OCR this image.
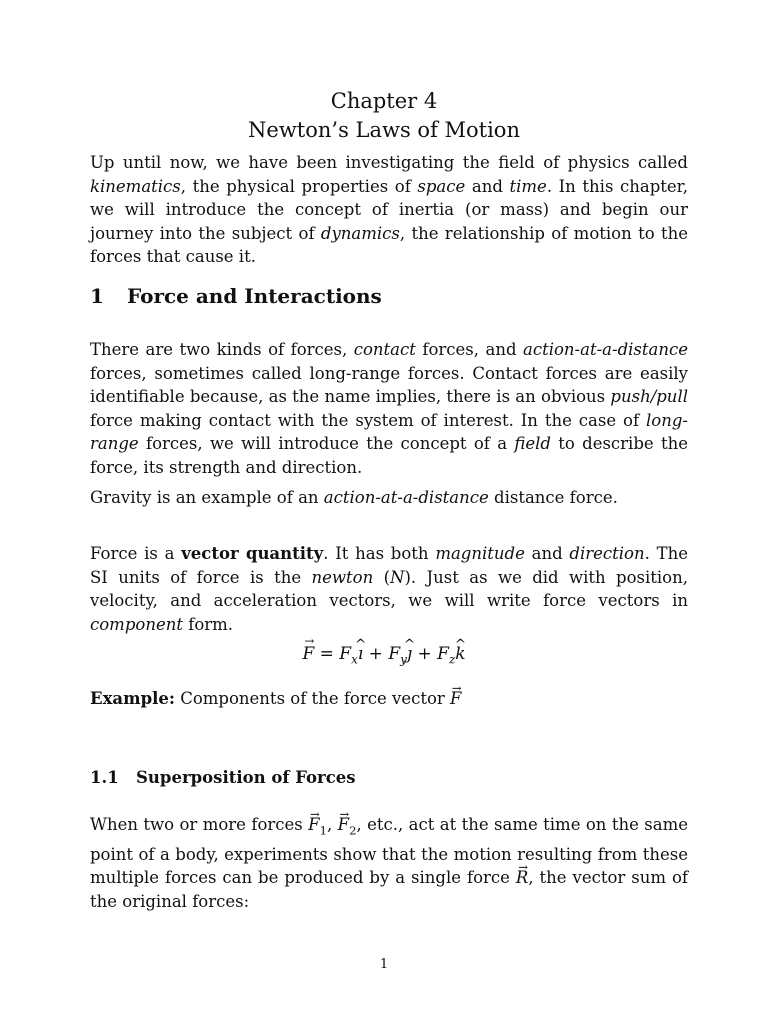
Chapter 4
Newton’s Laws of Motion
Up until now, we have been investigating the field of physics called kinematics, the physical properties of space and time. In this chapter, we will introduce the concept of inertia (or mass) and begin our journey into the subject of dynamics, the relationship of motion to the forces that cause it.
1 Force and Interactions
There are two kinds of forces, contact forces, and action-at-a-distance forces, sometimes called long-range forces. Contact forces are easily identifiable because, as the name implies, there is an obvious push/pull force making contact with the system of interest. In the case of long-range forces, we will introduce the concept of a field to describe the force, its strength and direction.
Gravity is an example of an action-at-a-distance distance force.
Force is a vector quantity. It has both magnitude and direction. The SI units of force is the newton (N). Just as we did with position, velocity, and acceleration vectors, we will write force vectors in component form.
→ $F = F_x\^{}$ ı + $F_y\^{}$ ȷ + $F_z\^{}$ k
Example: Components of the force vector → F
1.1 Superposition of Forces
When two or more forces → $F_1$, → $F_2$, etc., act at the same time on the same point of a body, experiments show that the motion resulting from these multiple forces can be produced by a single force → R, the vector sum of the original forces:
1
